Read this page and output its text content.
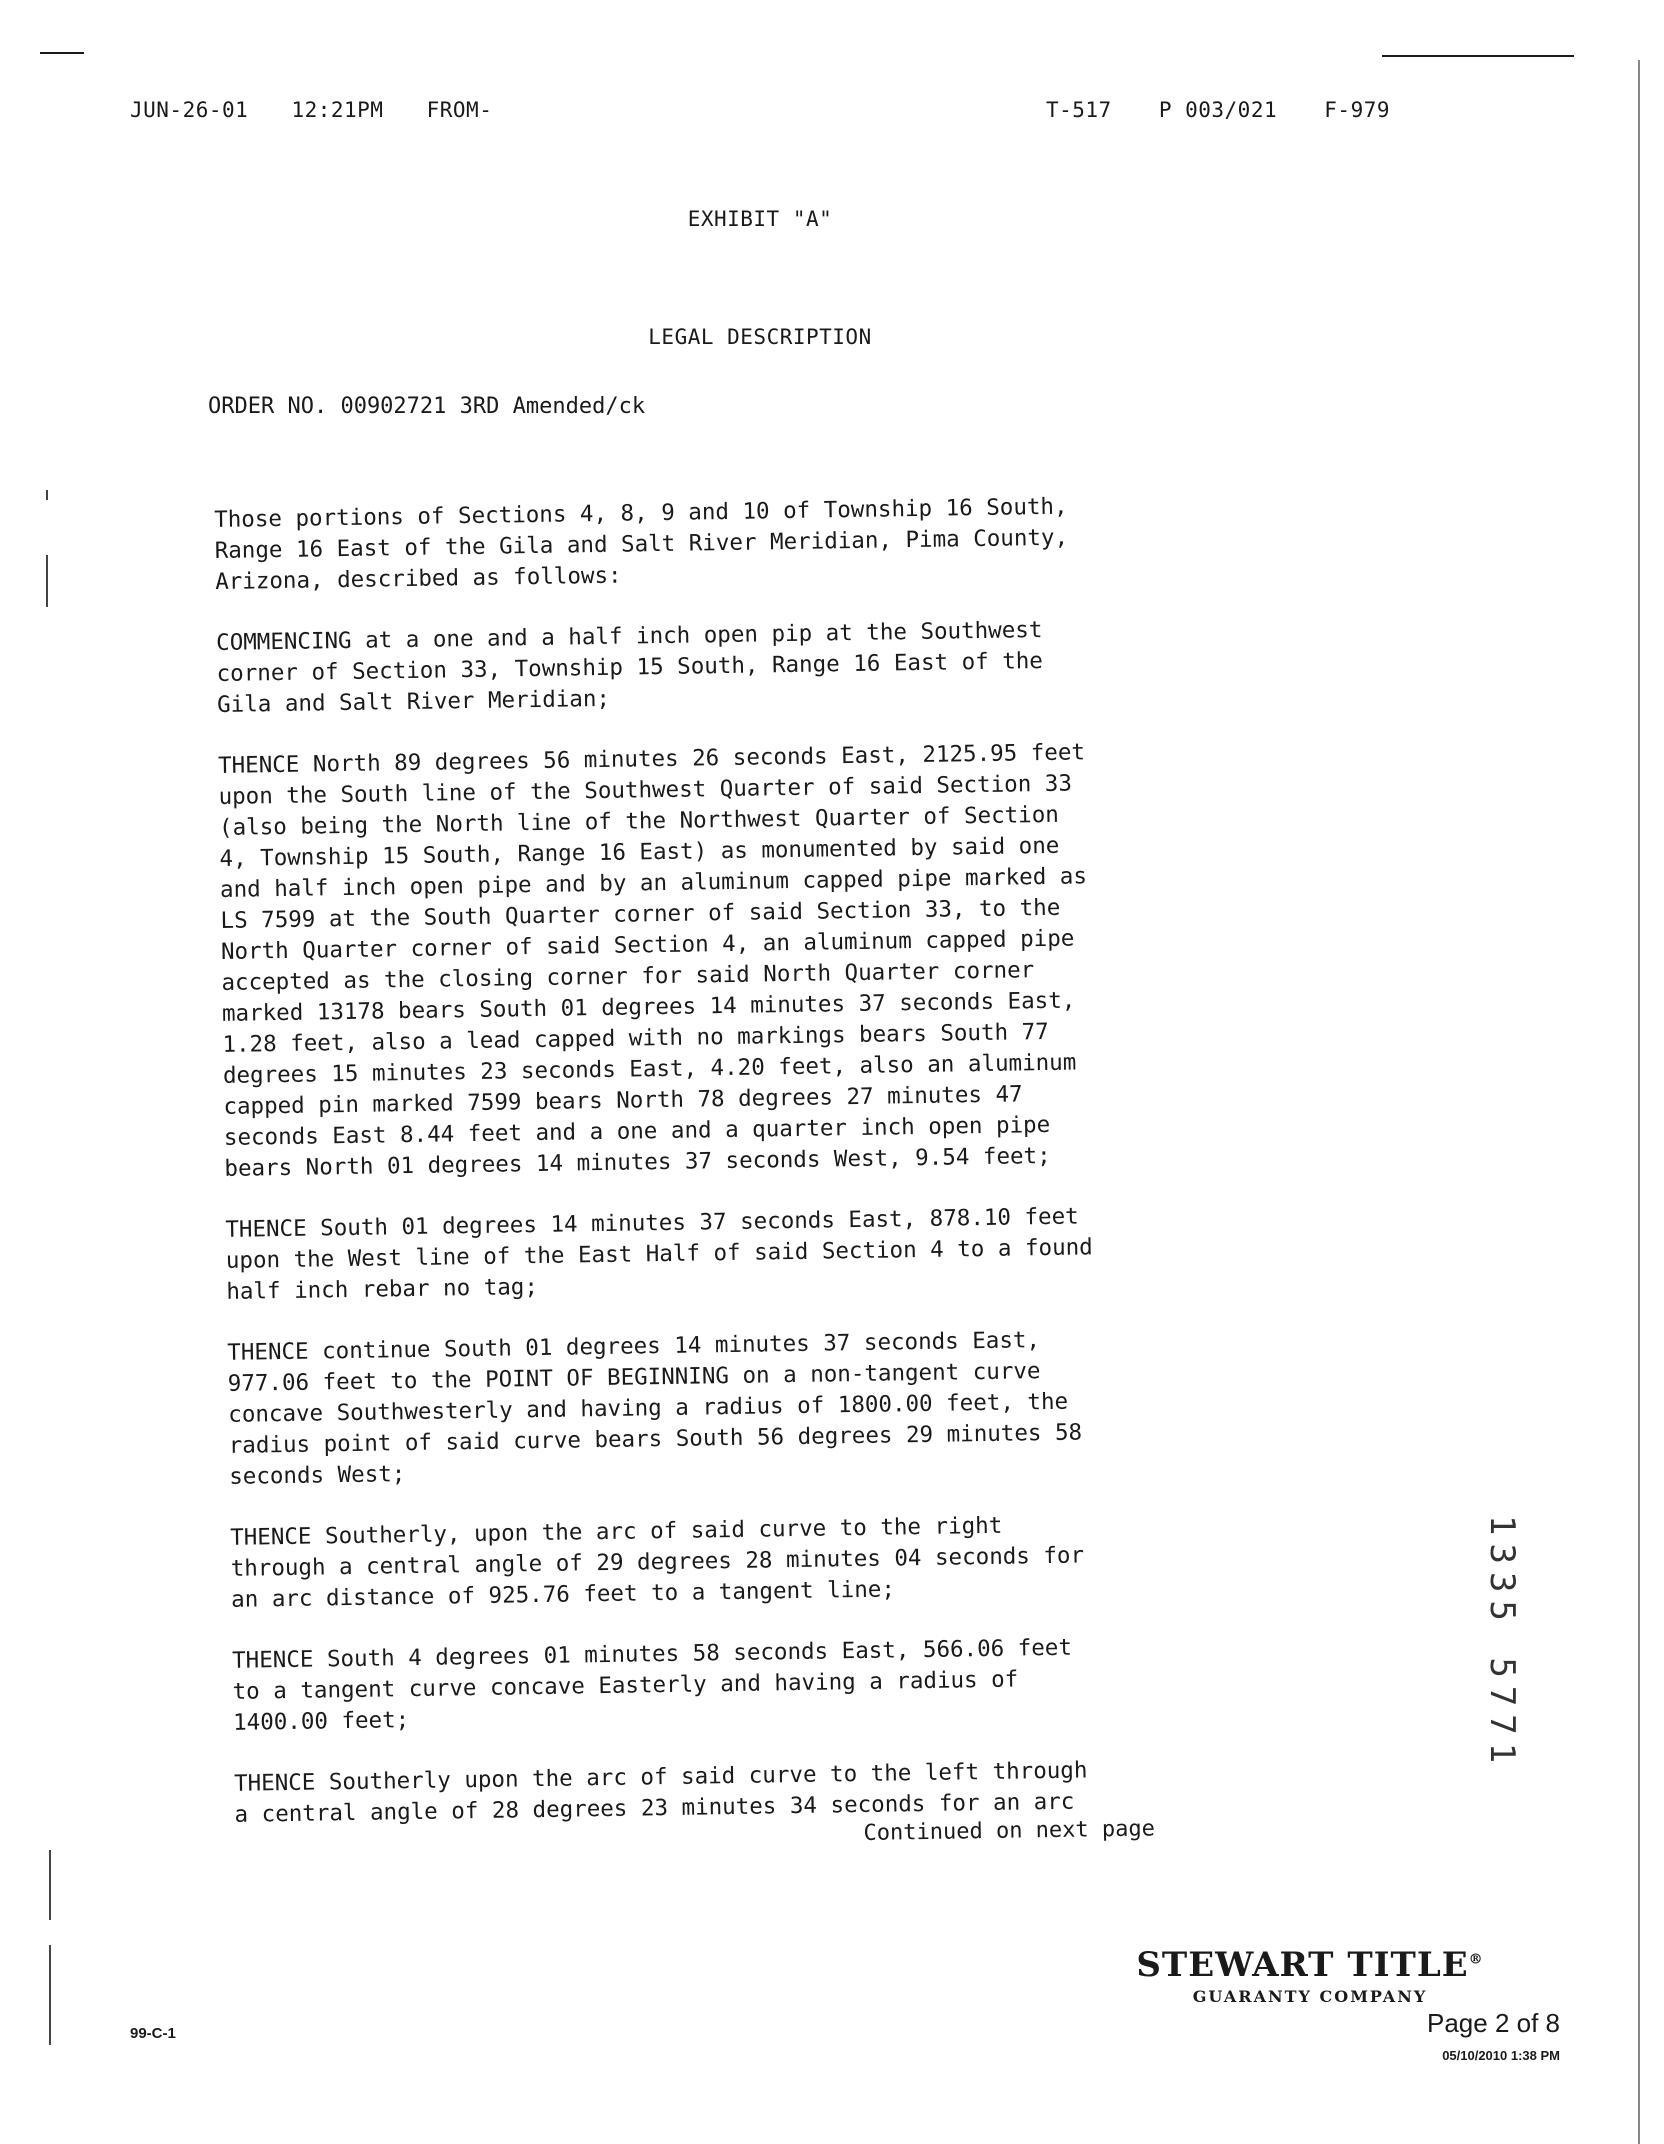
JUN-26-01 12:21PM FROM-	T-517 P 003/021 F-979
EXHIBIT "A"
LEGAL DESCRIPTION
ORDER NO. 00902721 3RD Amended/ck

Those portions of Sections 4, 8, 9 and 10 of Township 16 South,
Range 16 East of the Gila and Salt River Meridian, Pima County,
Arizona, described as follows:

COMMENCING at a one and a half inch open pip at the Southwest
corner of Section 33, Township 15 South, Range 16 East of the
Gila and Salt River Meridian;

THENCE North 89 degrees 56 minutes 26 seconds East, 2125.95 feet
upon the South line of the Southwest Quarter of said Section 33
(also being the North line of the Northwest Quarter of Section
4, Township 15 South, Range 16 East) as monumented by said one
and half inch open pipe and by an aluminum capped pipe marked as
LS 7599 at the South Quarter corner of said Section 33, to the
North Quarter corner of said Section 4, an aluminum capped pipe
accepted as the closing corner for said North Quarter corner
marked 13178 bears South 01 degrees 14 minutes 37 seconds East,
1.28 feet, also a lead capped with no markings bears South 77
degrees 15 minutes 23 seconds East, 4.20 feet, also an aluminum
capped pin marked 7599 bears North 78 degrees 27 minutes 47
seconds East 8.44 feet and a one and a quarter inch open pipe
bears North 01 degrees 14 minutes 37 seconds West, 9.54 feet;

THENCE South 01 degrees 14 minutes 37 seconds East, 878.10 feet
upon the West line of the East Half of said Section 4 to a found
half inch rebar no tag;

THENCE continue South 01 degrees 14 minutes 37 seconds East,
977.06 feet to the POINT OF BEGINNING on a non-tangent curve
concave Southwesterly and having a radius of 1800.00 feet, the
radius point of said curve bears South 56 degrees 29 minutes 58
seconds West;

THENCE Southerly, upon the arc of said curve to the right
through a central angle of 29 degrees 28 minutes 04 seconds for
an arc distance of 925.76 feet to a tangent line;

THENCE South 4 degrees 01 minutes 58 seconds East, 566.06 feet
to a tangent curve concave Easterly and having a radius of
1400.00 feet;

THENCE Southerly upon the arc of said curve to the left through
a central angle of 28 degrees 23 minutes 34 seconds for an arc

Continued on next page
1335 5771
99-C-1
STEWART TITLE®
GUARANTY COMPANY
Page 2 of 8
05/10/2010 1:38 PM
